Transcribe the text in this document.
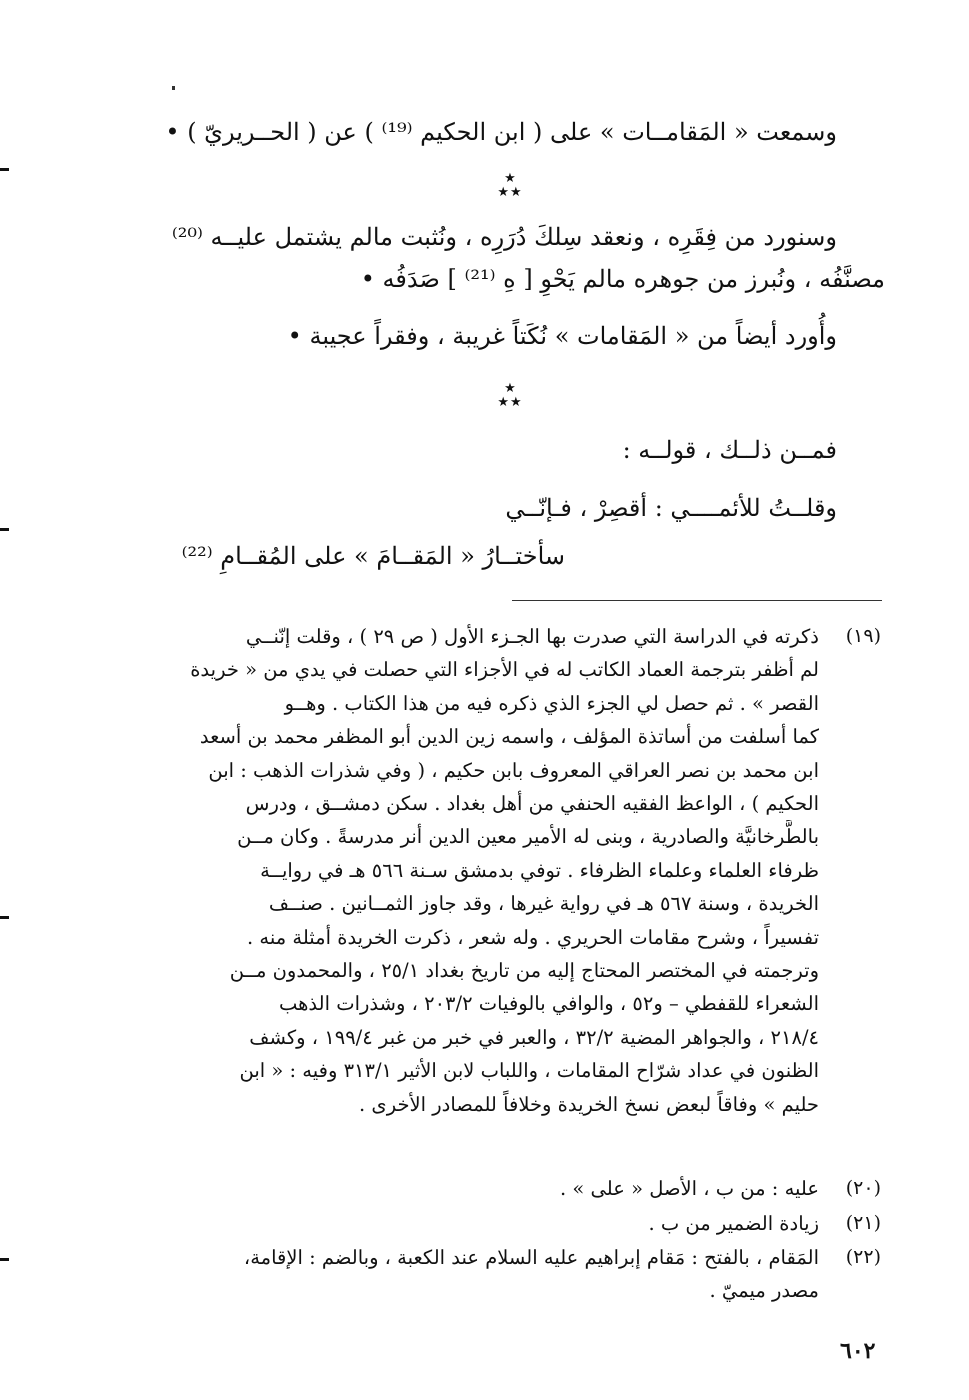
وسمعت « المَقامــات » على ( ابن الحكيم ⁽¹⁹⁾ ) عن ( الحــريريّ ) •
★
★★
وسنورد من فِقَرِه ، ونعقد سِلكَ دُرَرِه ، ونُثبت مالم يشتمل عليــه ⁽²⁰⁾
مصنَّفُه ، ونُبرز من جوهره مالم يَحْوِ [ هِ ⁽²¹⁾ ] صَدَفُه •
وأُورد أيضاً من « المَقامات » نُكَتاً غريبة ، وفقراً عجيبة •
★
★★
فمــن ذلــك ، قولــه :
وقلــتُ للأئمــــي : أقصِرْ ، فـإنّــي
سأختــارُ « المَقــامَ » على المُقــامِ ⁽²²⁾
(١٩)
ذكرته في الدراسة التي صدرت بها الجـزء الأول ( ص ٢٩ ) ، وقلت إنّنــي
لم أظفر بترجمة العماد الكاتب له في الأجزاء التي حصلت في يدي من « خريدة
القصر » . ثم حصل لي الجزء الذي ذكره فيه من هذا الكتاب . وهــو
كما أسلفت من أساتذة المؤلف ، واسمه زين الدين أبو المظفر محمد بن أسعد
ابن محمد بن نصر العراقي المعروف بابن حكيم ، ( وفي شذرات الذهب : ابن
الحكيم ) ، الواعظ الفقيه الحنفي من أهل بغداد . سكن دمشــق ، ودرس
بالطَّرخانيَّة والصادرية ، وبنى له الأمير معين الدين أنر مدرسةً . وكان مــن
ظرفاء العلماء وعلماء الظرفاء . توفي بدمشق سـنة ٥٦٦ هـ في روايــة
الخريدة ، وسنة ٥٦٧ هـ في رواية غيرها ، وقد جاوز الثمــانين . صنــف
تفسيراً ، وشرح مقامات الحريري . وله شعر ، ذكرت الخريدة أمثلة منه .
وترجمته في المختصر المحتاج إليه من تاريخ بغداد ٢٥/١ ، والمحمدون مــن
الشعراء للقفطي – و٥٢ ، والوافي بالوفيات ٢٠٣/٢ ، وشذرات الذهب
٢١٨/٤ ، والجواهر المضية ٣٢/٢ ، والعبر في خبر من غبر ١٩٩/٤ ، وكشف
الظنون في عداد شرّاح المقامات ، واللباب لابن الأثير ٣١٣/١ وفيه : « ابن
حليم » وفاقاً لبعض نسخ الخريدة وخلافاً للمصادر الأخرى .
(٢٠)
عليه : من ب ، الأصل « على » .
(٢١)
زيادة الضمير من ب .
(٢٢)
المَقام ، بالفتح : مَقام إبراهيم عليه السلام عند الكعبة ، وبالضم : الإقامة،
مصدر ميميّ .
٦٠٢
